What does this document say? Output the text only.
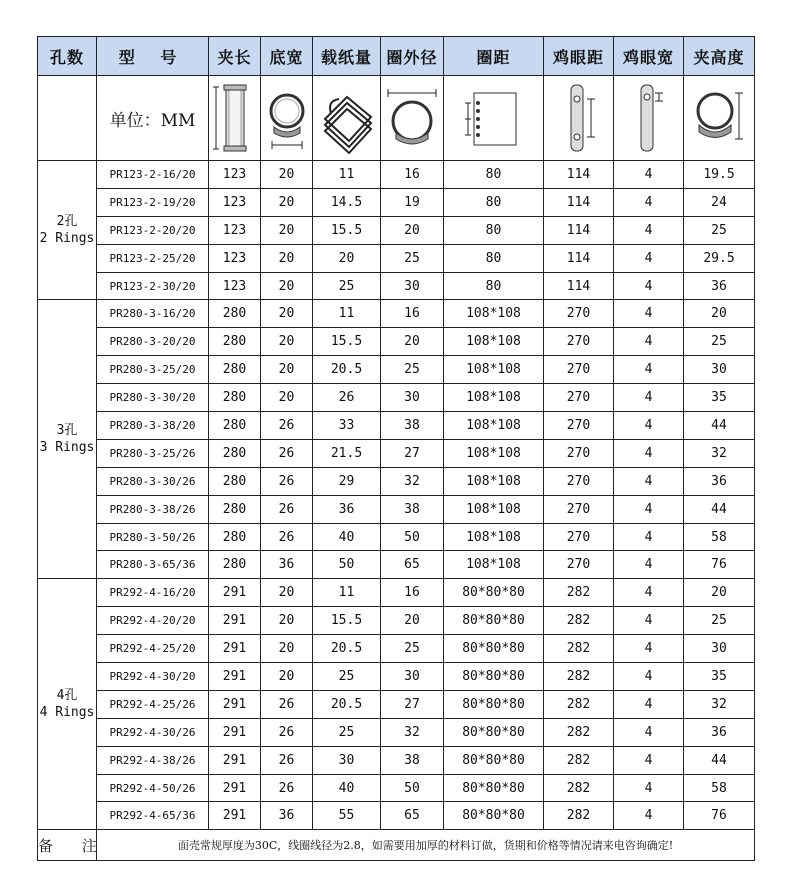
孔数	型 号	夹长	底宽	载纸量	圈外径	圈距	鸡眼距	鸡眼宽	夹高度
	单位：MM	

2孔
2 Rings	PR123-2-16/20	123	20	11	16	80	114	4	19.5
	PR123-2-19/20	123	20	14.5	19	80	114	4	24
	PR123-2-20/20	123	20	15.5	20	80	114	4	25
	PR123-2-25/20	123	20	20	25	80	114	4	29.5
	PR123-2-30/20	123	20	25	30	80	114	4	36

3孔
3 Rings	PR280-3-16/20	280	20	11	16	108*108	270	4	20
	PR280-3-20/20	280	20	15.5	20	108*108	270	4	25
	PR280-3-25/20	280	20	20.5	25	108*108	270	4	30
	PR280-3-30/20	280	20	26	30	108*108	270	4	35
	PR280-3-38/20	280	26	33	38	108*108	270	4	44
	PR280-3-25/26	280	26	21.5	27	108*108	270	4	32
	PR280-3-30/26	280	26	29	32	108*108	270	4	36
	PR280-3-38/26	280	26	36	38	108*108	270	4	44
	PR280-3-50/26	280	26	40	50	108*108	270	4	58
	PR280-3-65/36	280	36	50	65	108*108	270	4	76

4孔
4 Rings	PR292-4-16/20	291	20	11	16	80*80*80	282	4	20
	PR292-4-20/20	291	20	15.5	20	80*80*80	282	4	25
	PR292-4-25/20	291	20	20.5	25	80*80*80	282	4	30
	PR292-4-30/20	291	20	25	30	80*80*80	282	4	35
	PR292-4-25/26	291	26	20.5	27	80*80*80	282	4	32
	PR292-4-30/26	291	26	25	32	80*80*80	282	4	36
	PR292-4-38/26	291	26	30	38	80*80*80	282	4	44
	PR292-4-50/26	291	26	40	50	80*80*80	282	4	58
	PR292-4-65/36	291	36	55	65	80*80*80	282	4	76
备 注	面壳常规厚度为30C，线圈线径为2.8，如需要用加厚的材料订做，货期和价格等情况请来电咨询确定!								
